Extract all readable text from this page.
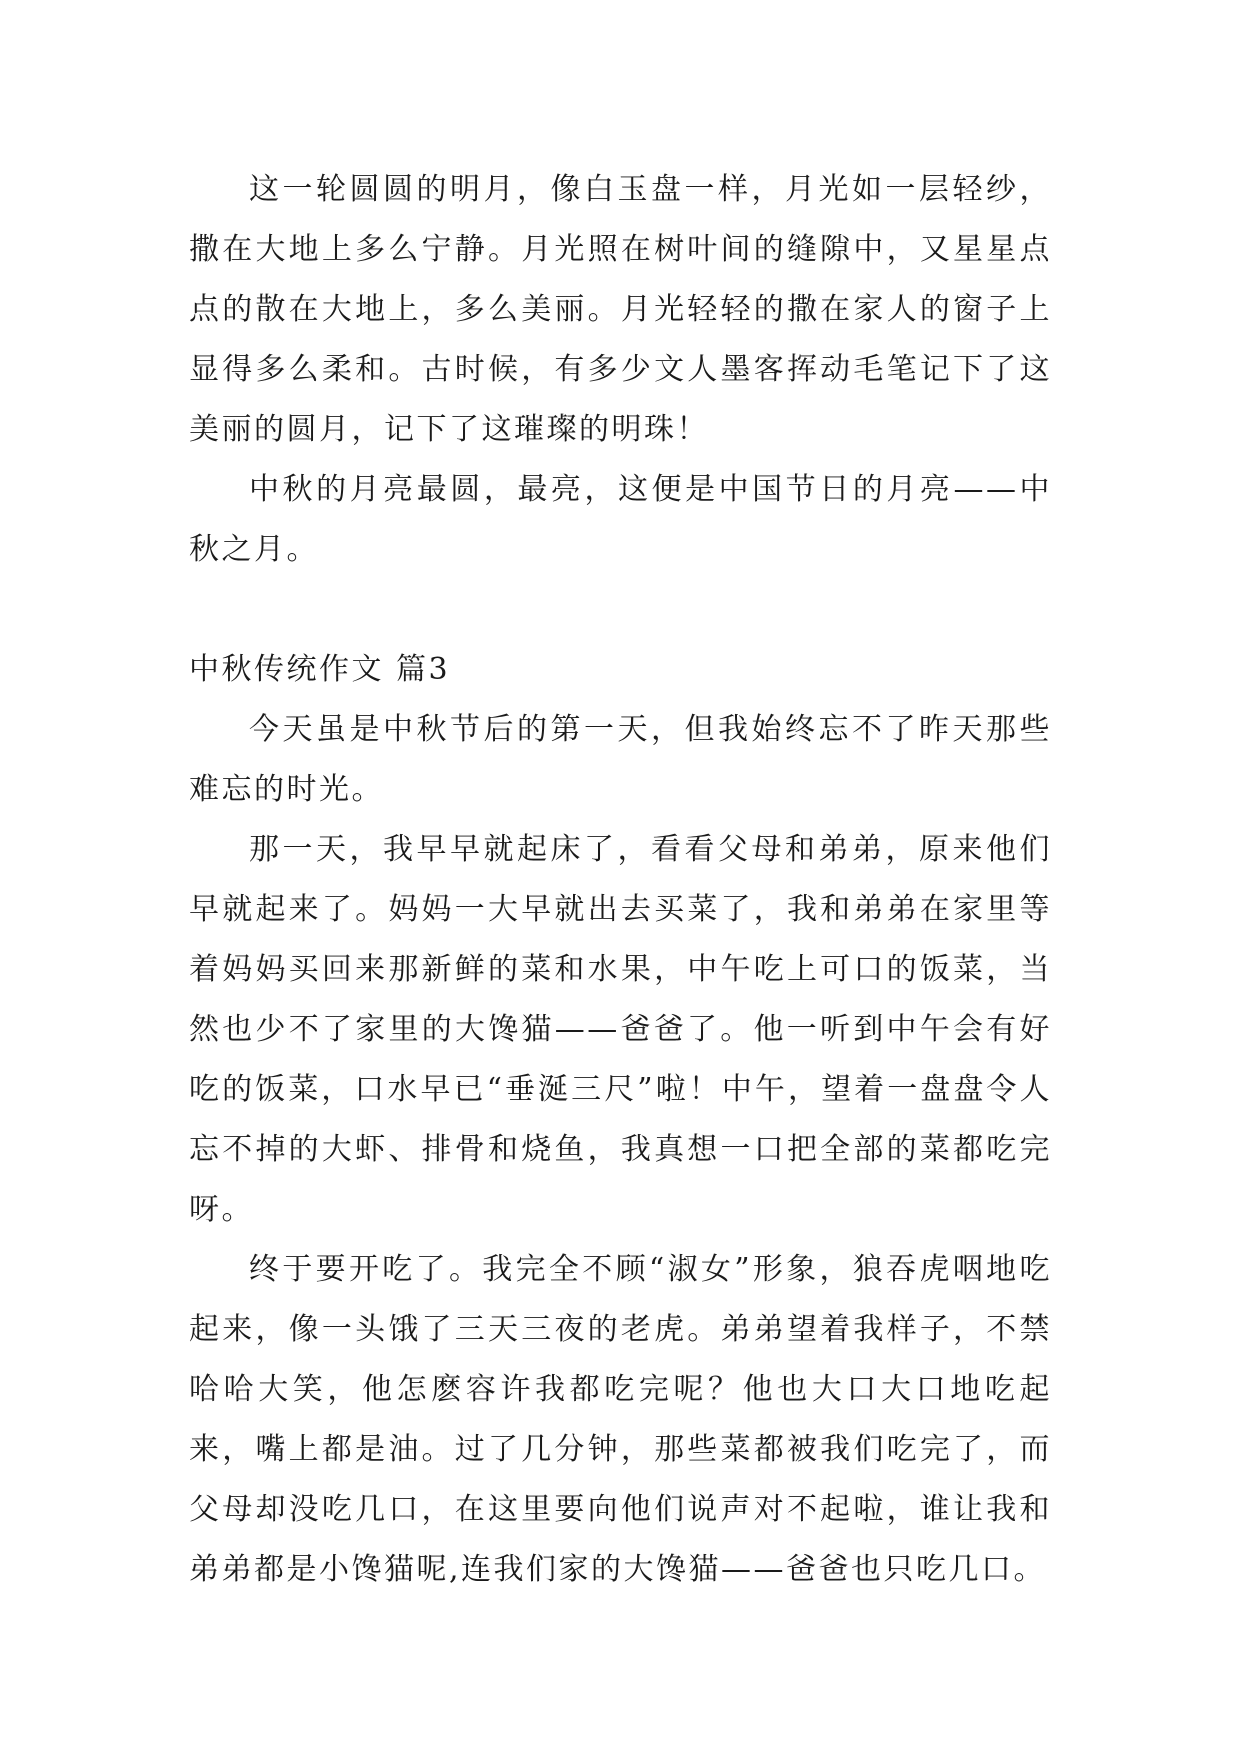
这一轮圆圆的明月，像白玉盘一样，月光如一层轻纱，撒在大地上多么宁静。月光照在树叶间的缝隙中，又星星点点的散在大地上，多么美丽。月光轻轻的撒在家人的窗子上显得多么柔和。古时候，有多少文人墨客挥动毛笔记下了这美丽的圆月，记下了这璀璨的明珠！

中秋的月亮最圆，最亮，这便是中国节日的月亮——中秋之月。

中秋传统作文 篇3

今天虽是中秋节后的第一天，但我始终忘不了昨天那些难忘的时光。

那一天，我早早就起床了，看看父母和弟弟，原来他们早就起来了。妈妈一大早就出去买菜了，我和弟弟在家里等着妈妈买回来那新鲜的菜和水果，中午吃上可口的饭菜，当然也少不了家里的大馋猫——爸爸了。他一听到中午会有好吃的饭菜，口水早已“垂涎三尺”啦！中午，望着一盘盘令人忘不掉的大虾、排骨和烧鱼，我真想一口把全部的菜都吃完呀。

终于要开吃了。我完全不顾“淑女”形象，狼吞虎咽地吃起来，像一头饿了三天三夜的老虎。弟弟望着我样子，不禁哈哈大笑，他怎麽容许我都吃完呢？他也大口大口地吃起来，嘴上都是油。过了几分钟，那些菜都被我们吃完了，而父母却没吃几口，在这里要向他们说声对不起啦，谁让我和弟弟都是小馋猫呢,连我们家的大馋猫——爸爸也只吃几口。
